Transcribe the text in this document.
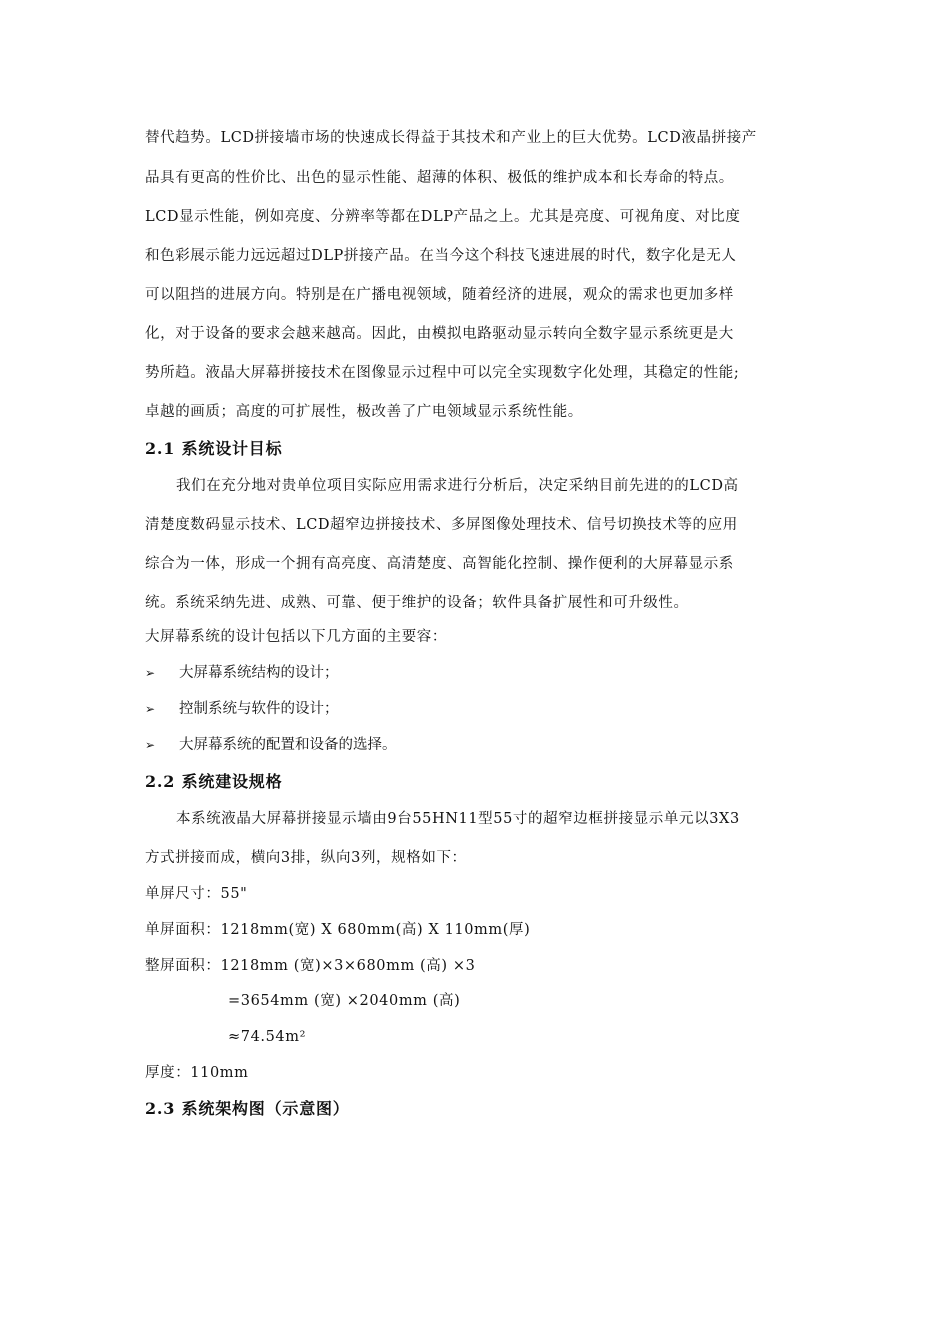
替代趋势。LCD拼接墙市场的快速成长得益于其技术和产业上的巨大优势。LCD液晶拼接产
品具有更高的性价比、出色的显示性能、超薄的体积、极低的维护成本和长寿命的特点。
LCD显示性能，例如亮度、分辨率等都在DLP产品之上。尤其是亮度、可视角度、对比度
和色彩展示能力远远超过DLP拼接产品。在当今这个科技飞速进展的时代，数字化是无人
可以阻挡的进展方向。特别是在广播电视领域，随着经济的进展，观众的需求也更加多样
化，对于设备的要求会越来越高。因此，由模拟电路驱动显示转向全数字显示系统更是大
势所趋。液晶大屏幕拼接技术在图像显示过程中可以完全实现数字化处理，其稳定的性能;
卓越的画质；高度的可扩展性，极改善了广电领域显示系统性能。
2.1 系统设计目标
我们在充分地对贵单位项目实际应用需求进行分析后，决定采纳目前先进的的LCD高
清楚度数码显示技术、LCD超窄边拼接技术、多屏图像处理技术、信号切换技术等的应用
综合为一体，形成一个拥有高亮度、高清楚度、高智能化控制、操作便利的大屏幕显示系
统。系统采纳先进、成熟、可靠、便于维护的设备；软件具备扩展性和可升级性。
大屏幕系统的设计包括以下几方面的主要容：
➢ 大屏幕系统结构的设计；
➢ 控制系统与软件的设计；
➢ 大屏幕系统的配置和设备的选择。
2.2 系统建设规格
本系统液晶大屏幕拼接显示墙由9台55HN11型55寸的超窄边框拼接显示单元以3X3
方式拼接而成，横向3排，纵向3列，规格如下：
单屏尺寸：55"
单屏面积：1218mm(宽) X 680mm(高) X 110mm(厚)
整屏面积：1218mm (宽)×3×680mm (高) ×3
=3654mm (宽) ×2040mm (高)
≈74.54m²
厚度：110mm
2.3 系统架构图（示意图）
